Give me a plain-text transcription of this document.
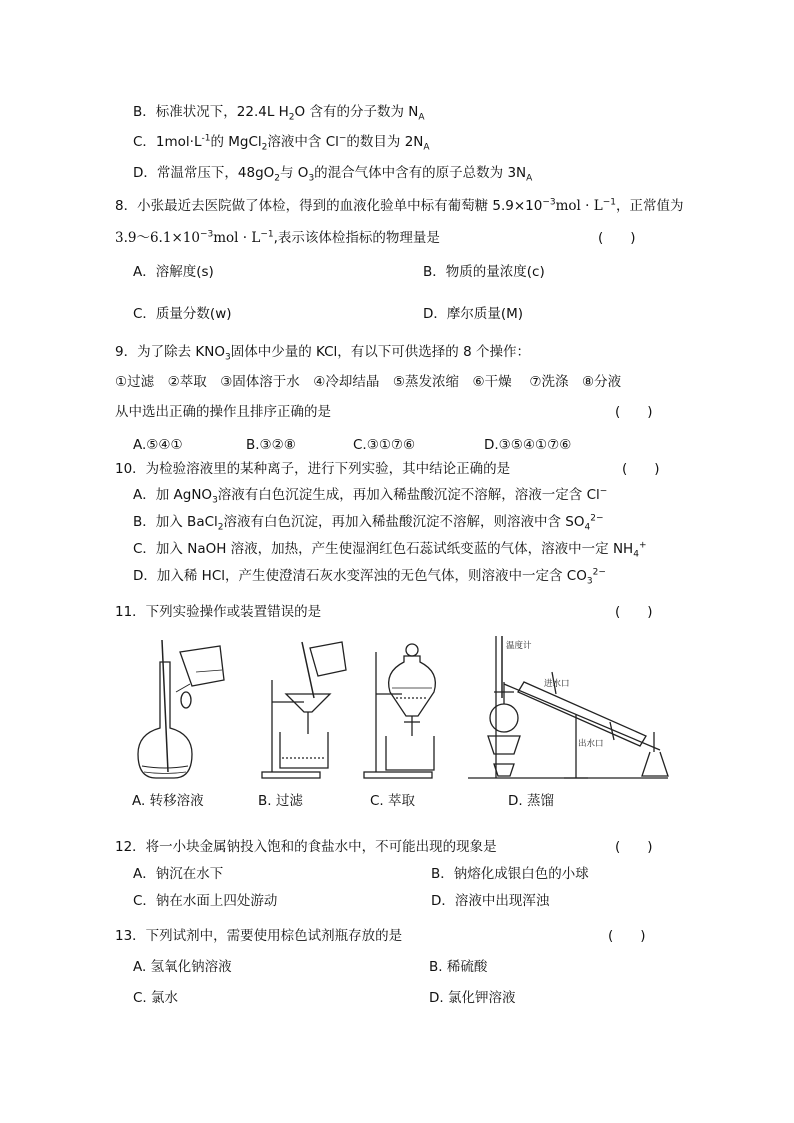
B．标准状况下，22.4L $H_2O$ 含有的分子数为 $N_A$
C．$1mol\cdot L^{-1}$的 MgCl$_2$溶液中含 Cl−的数目为 $2N_A$
D．常温常压下，$48gO_2$与 $O_3$的混合气体中含有的原子总数为 $3N_A$
8．小张最近去医院做了体检，得到的血液化验单中标有葡萄糖 $5.9\times 10^{-3}mol \cdot L^{-1}$，正常值为
$3.9\sim 6.1\times 10^{-3}mol \cdot L^{-1}$,表示该体检指标的物理量是	(　　)
A．溶解度(s)	B．物质的量浓度(c)
C．质量分数(w)	D．摩尔质量(M)
9．为了除去 $KNO_3$固体中少量的 KCl，有以下可供选择的 8 个操作：
①过滤　②萃取　③固体溶于水　④冷却结晶　⑤蒸发浓缩　⑥干燥　 ⑦洗涤　⑧分液
从中选出正确的操作且排序正确的是	(　　)
A.⑤④①	B.③②⑧	C.③①⑦⑥	D.③⑤④①⑦⑥
10．为检验溶液里的某种离子，进行下列实验，其中结论正确的是	(　　)
A．加 AgNO$_3$溶液有白色沉淀生成，再加入稀盐酸沉淀不溶解，溶液一定含 Cl−
B．加入 BaCl$_2$溶液有白色沉淀，再加入稀盐酸沉淀不溶解，则溶液中含 $SO_4^{2-}$
C．加入 NaOH 溶液，加热，产生使湿润红色石蕊试纸变蓝的气体，溶液中一定 $NH_4^+$
D．加入稀 HCl，产生使澄清石灰水变浑浊的无色气体，则溶液中一定含 $CO_3^{2-}$
11．下列实验操作或装置错误的是	(　　)
温度计
进水口
出水口
A. 转移溶液	B. 过滤	C. 萃取	D. 蒸馏
12．将一小块金属钠投入饱和的食盐水中，不可能出现的现象是	(　　)
A．钠沉在水下	B．钠熔化成银白色的小球
C．钠在水面上四处游动	D．溶液中出现浑浊
13．下列试剂中，需要使用棕色试剂瓶存放的是	(　　)
A. 氢氧化钠溶液	B. 稀硫酸
C. 氯水	D. 氯化钾溶液
